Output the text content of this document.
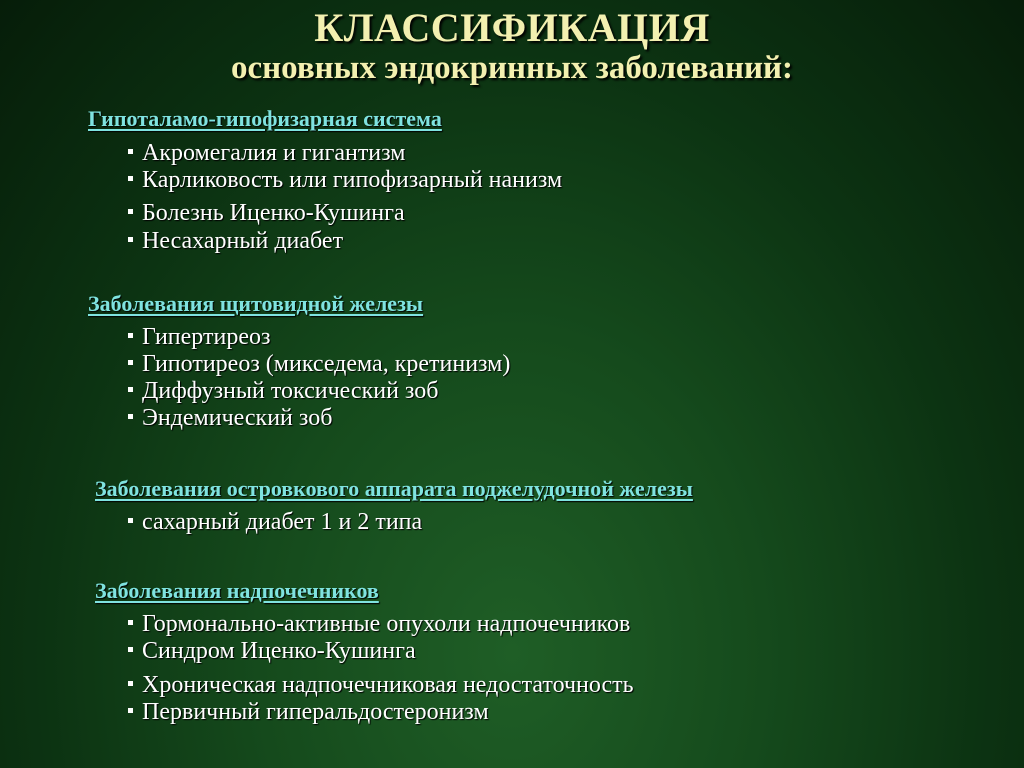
КЛАССИФИКАЦИЯ
основных эндокринных заболеваний:
Гипоталамо-гипофизарная система
Акромегалия и гигантизм
Карликовость или гипофизарный нанизм
Болезнь Иценко-Кушинга
Несахарный диабет
Заболевания щитовидной железы
Гипертиреоз
Гипотиреоз (микседема, кретинизм)
Диффузный токсический зоб
Эндемический зоб
Заболевания островкового аппарата поджелудочной железы
сахарный диабет 1 и 2 типа
Заболевания надпочечников
Гормонально-активные опухоли надпочечников
Синдром Иценко-Кушинга
Хроническая надпочечниковая недостаточность
Первичный гиперальдостеронизм
